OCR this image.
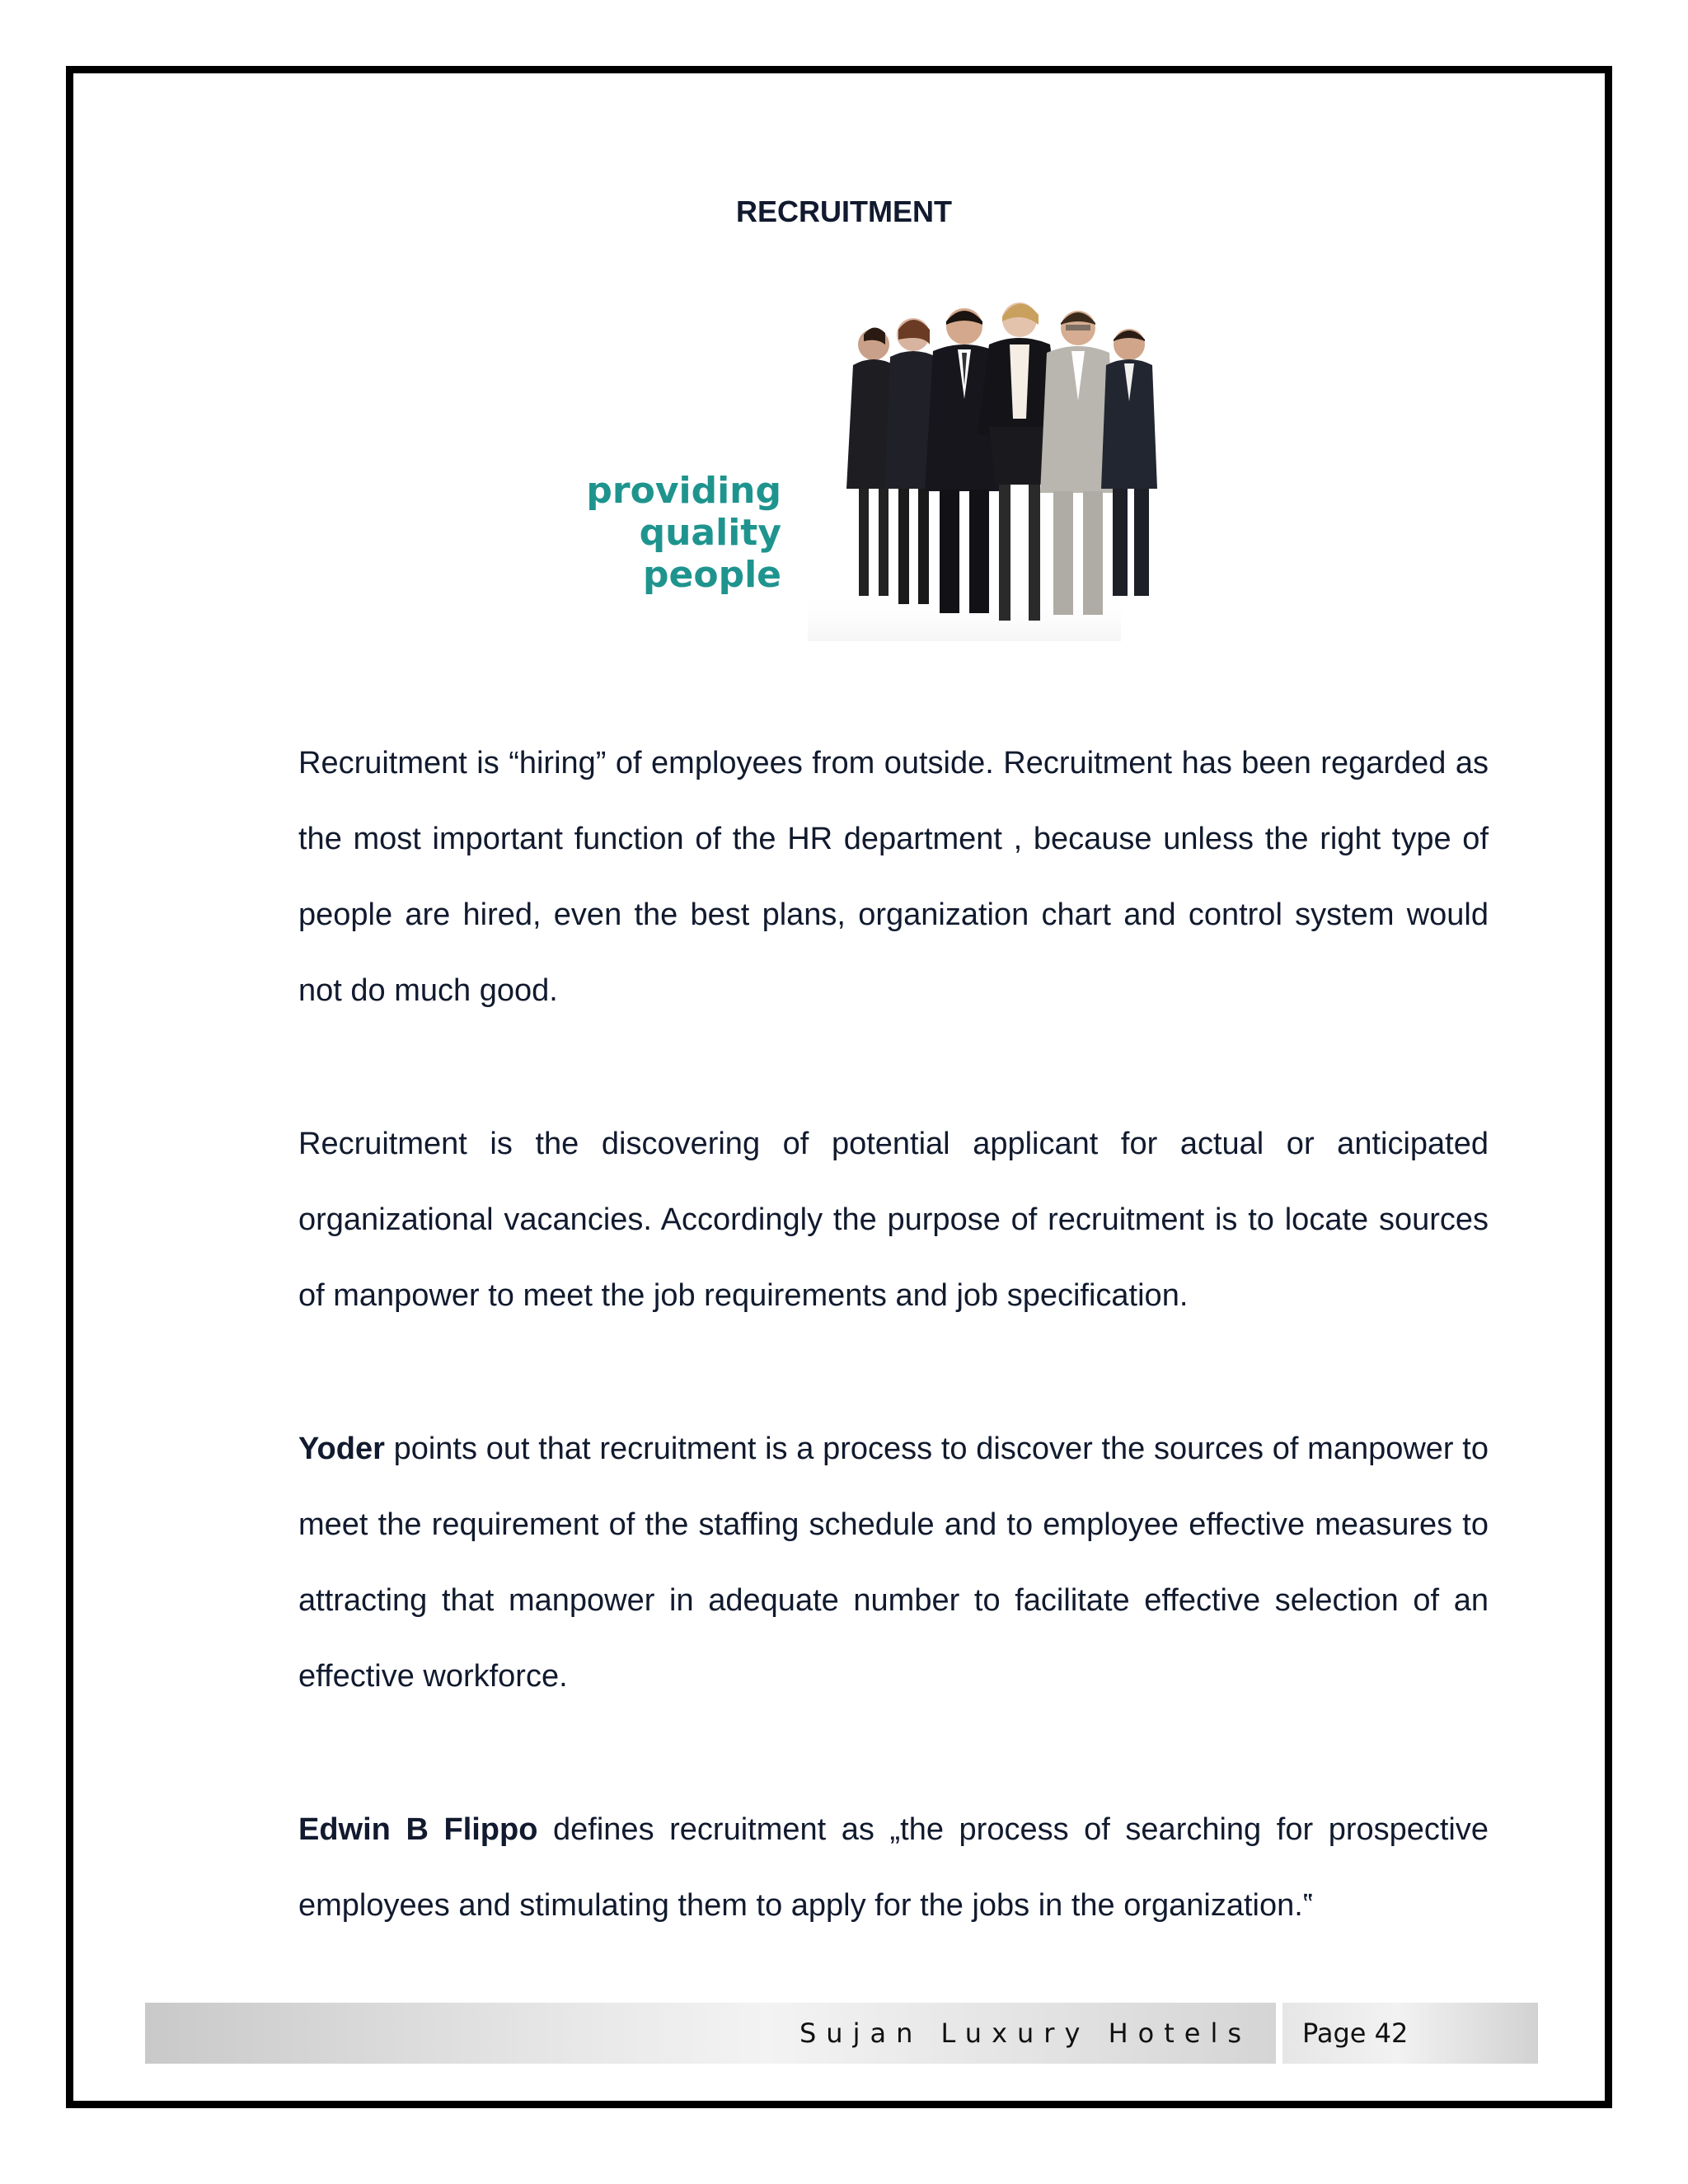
RECRUITMENT
providing
quality
people

Recruitment is “hiring” of employees from outside. Recruitment has been regarded as the most important function of the HR department , because unless the right type of people are hired, even the best plans, organization chart and control system would not do much good.

Recruitment is the discovering of potential applicant for actual or anticipated organizational vacancies. Accordingly the purpose of recruitment is to locate sources of manpower to meet the job requirements and job specification.

Yoder points out that recruitment is a process to discover the sources of manpower to meet the requirement of the staffing schedule and to employee effective measures to attracting that manpower in adequate number to facilitate effective selection of an effective workforce.

Edwin B Flippo defines recruitment as „the process of searching for prospective employees and stimulating them to apply for the jobs in the organization.‟

Sujan Luxury Hotels Page 42
